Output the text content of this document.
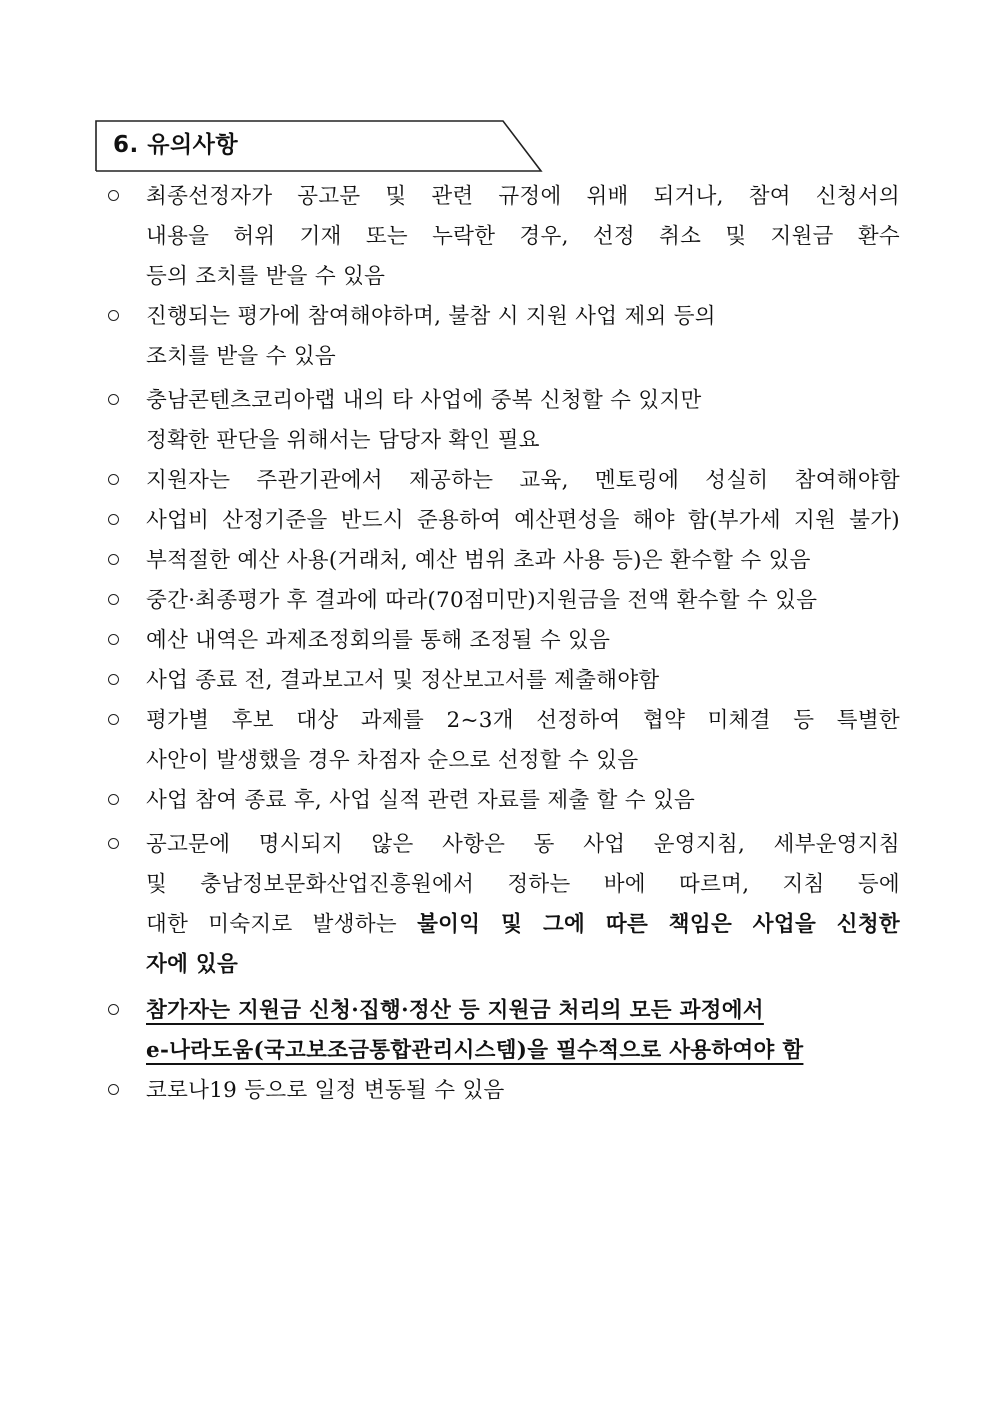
6. 유의사항
최종선정자가 공고문 및 관련 규정에 위배 되거나, 참여 신청서의
내용을 허위 기재 또는 누락한 경우, 선정 취소 및 지원금 환수
등의 조치를 받을 수 있음
진행되는 평가에 참여해야하며, 불참 시 지원 사업 제외 등의
조치를 받을 수 있음
충남콘텐츠코리아랩 내의 타 사업에 중복 신청할 수 있지만
정확한 판단을 위해서는 담당자 확인 필요
지원자는 주관기관에서 제공하는 교육, 멘토링에 성실히 참여해야함
사업비 산정기준을 반드시 준용하여 예산편성을 해야 함(부가세 지원 불가)
부적절한 예산 사용(거래처, 예산 범위 초과 사용 등)은 환수할 수 있음
중간·최종평가 후 결과에 따라(70점미만)지원금을 전액 환수할 수 있음
예산 내역은 과제조정회의를 통해 조정될 수 있음
사업 종료 전, 결과보고서 및 정산보고서를 제출해야함
평가별 후보 대상 과제를 2~3개 선정하여 협약 미체결 등 특별한
사안이 발생했을 경우 차점자 순으로 선정할 수 있음
사업 참여 종료 후, 사업 실적 관련 자료를 제출 할 수 있음
공고문에 명시되지 않은 사항은 동 사업 운영지침, 세부운영지침
및 충남정보문화산업진흥원에서 정하는 바에 따르며, 지침 등에
대한 미숙지로 발생하는 불이익 및 그에 따른 책임은 사업을 신청한
자에 있음
참가자는 지원금 신청·집행·정산 등 지원금 처리의 모든 과정에서
e-나라도움(국고보조금통합관리시스템)을 필수적으로 사용하여야 함
코로나19 등으로 일정 변동될 수 있음
